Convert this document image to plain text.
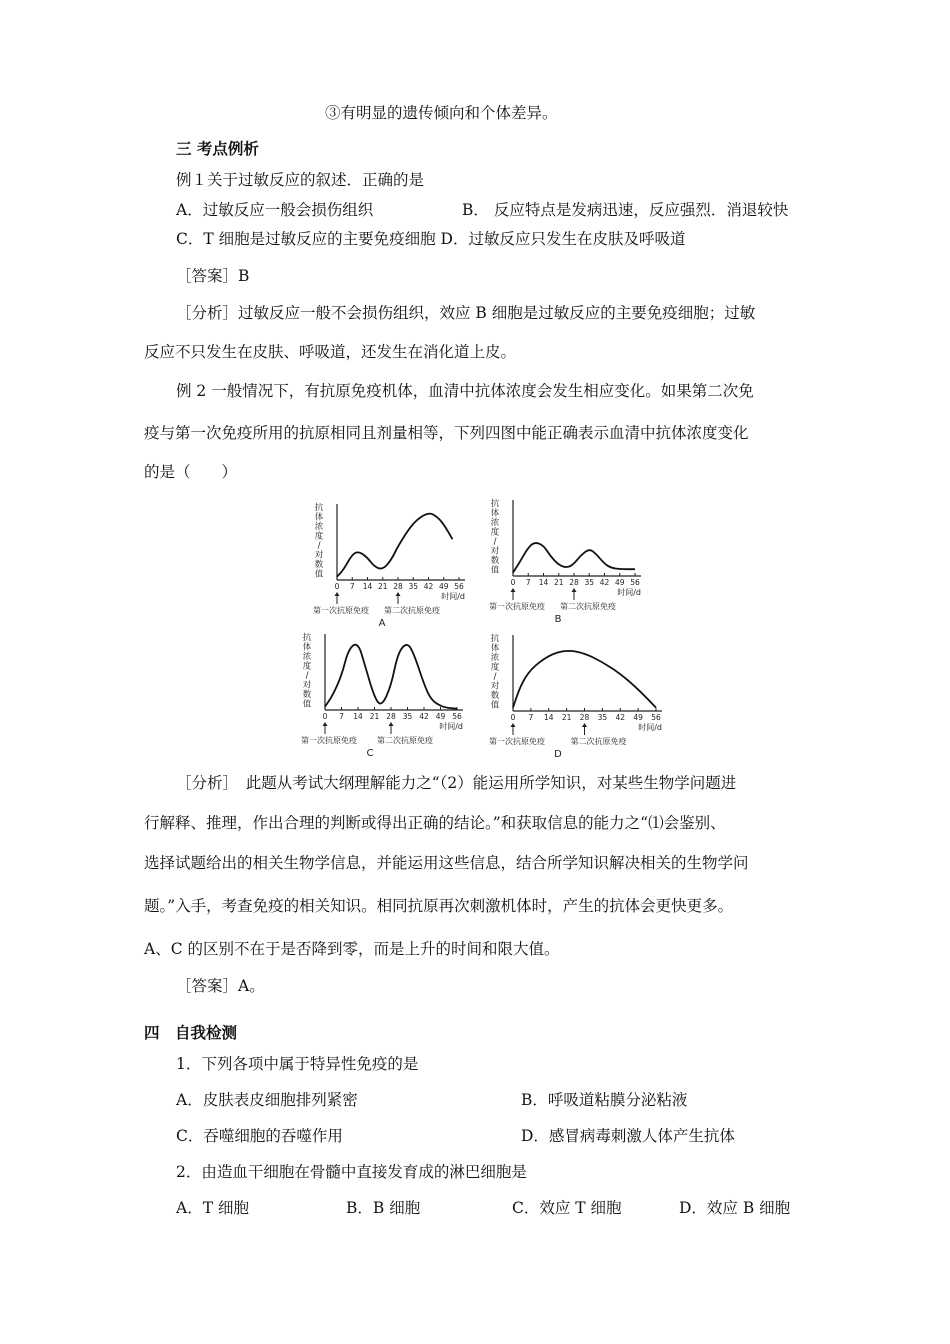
③有明显的遗传倾向和个体差异。
三 考点例析
例１关于过敏反应的叙述．正确的是
A．过敏反应一般会损伤组织	B． 反应特点是发病迅速，反应强烈．消退较快
C．T 细胞是过敏反应的主要免疫细胞 D．过敏反应只发生在皮肤及呼吸道
［答案］B
［分析］过敏反应一般不会损伤组织，效应 B 细胞是过敏反应的主要免疫细胞；过敏
反应不只发生在皮肤、呼吸道，还发生在消化道上皮。
例 2 一般情况下，有抗原免疫机体，血清中抗体浓度会发生相应变化。如果第二次免
疫与第一次免疫所用的抗原相同且剂量相等，下列四图中能正确表示血清中抗体浓度变化
的是（　　）
抗
体
浓
度
/
对
数
值
0 7 14 21 28 35 42 49 56
时间/d
第一次抗原免疫 第二次抗原免疫
A
抗
体
浓
度
/
对
数
值
0 7 14 21 28 35 42 49 56
时间/d
第一次抗原免疫 第二次抗原免疫
B
抗
体
浓
度
/
对
数
值
0 7 14 21 28 35 42 49 56
时间/d
第一次抗原免疫	第二次抗原免疫
C
抗
体
浓
度
/
对
数
值
0 7 14 21 28 35 42 49 56
时间/d
第一次抗原免疫	第二次抗原免疫
D
［分析］　此题从考试大纲理解能力之“（2）能运用所学知识，对某些生物学问题进
行解释、推理，作出合理的判断或得出正确的结论。”和获取信息的能力之“⑴会鉴别、
选择试题给出的相关生物学信息，并能运用这些信息，结合所学知识解决相关的生物学问
题。”入手，考查免疫的相关知识。相同抗原再次刺激机体时，产生的抗体会更快更多。
A、C 的区别不在于是否降到零，而是上升的时间和限大值。
［答案］A。
四　自我检测
1．下列各项中属于特异性免疫的是
A．皮肤表皮细胞排列紧密	B．呼吸道粘膜分泌粘液
C．吞噬细胞的吞噬作用	D．感冒病毒刺激人体产生抗体
2．由造血干细胞在骨髓中直接发育成的淋巴细胞是
A．T 细胞	B．B 细胞	C．效应 T 细胞	D．效应 B 细胞
